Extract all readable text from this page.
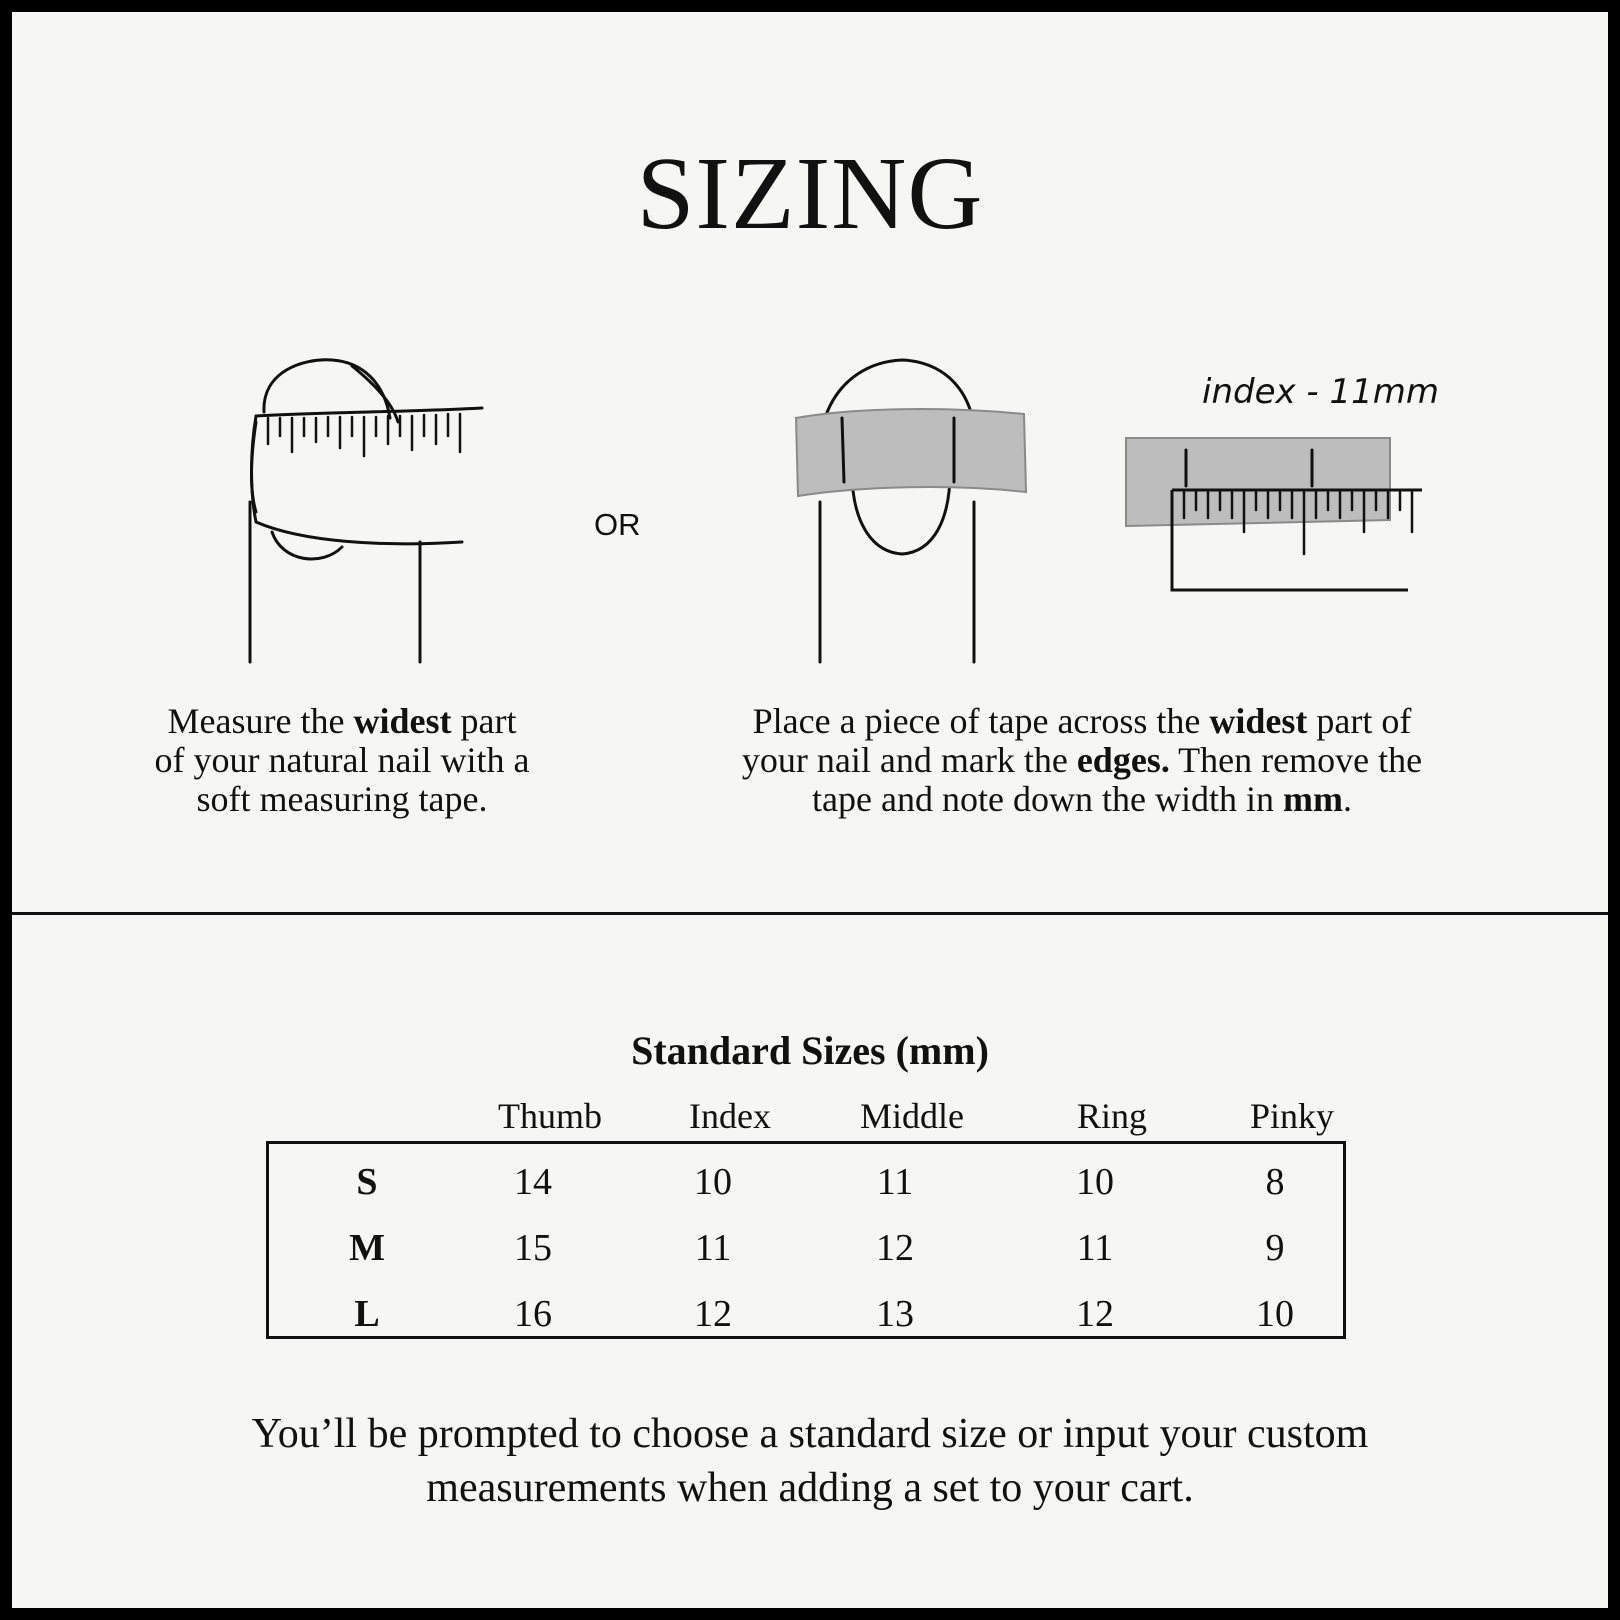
SIZING
OR
index - 11mm
Measure the widest part
of your natural nail with a
soft measuring tape.
Place a piece of tape across the widest part of
your nail and mark the edges. Then remove the
tape and note down the width in mm.
Standard Sizes (mm)
Thumb	Index	Middle	Ring	Pinky
S	14	10	11	10	8
M	15	11	12	11	9
L	16	12	13	12	10
You’ll be prompted to choose a standard size or input your custom
measurements when adding a set to your cart.
